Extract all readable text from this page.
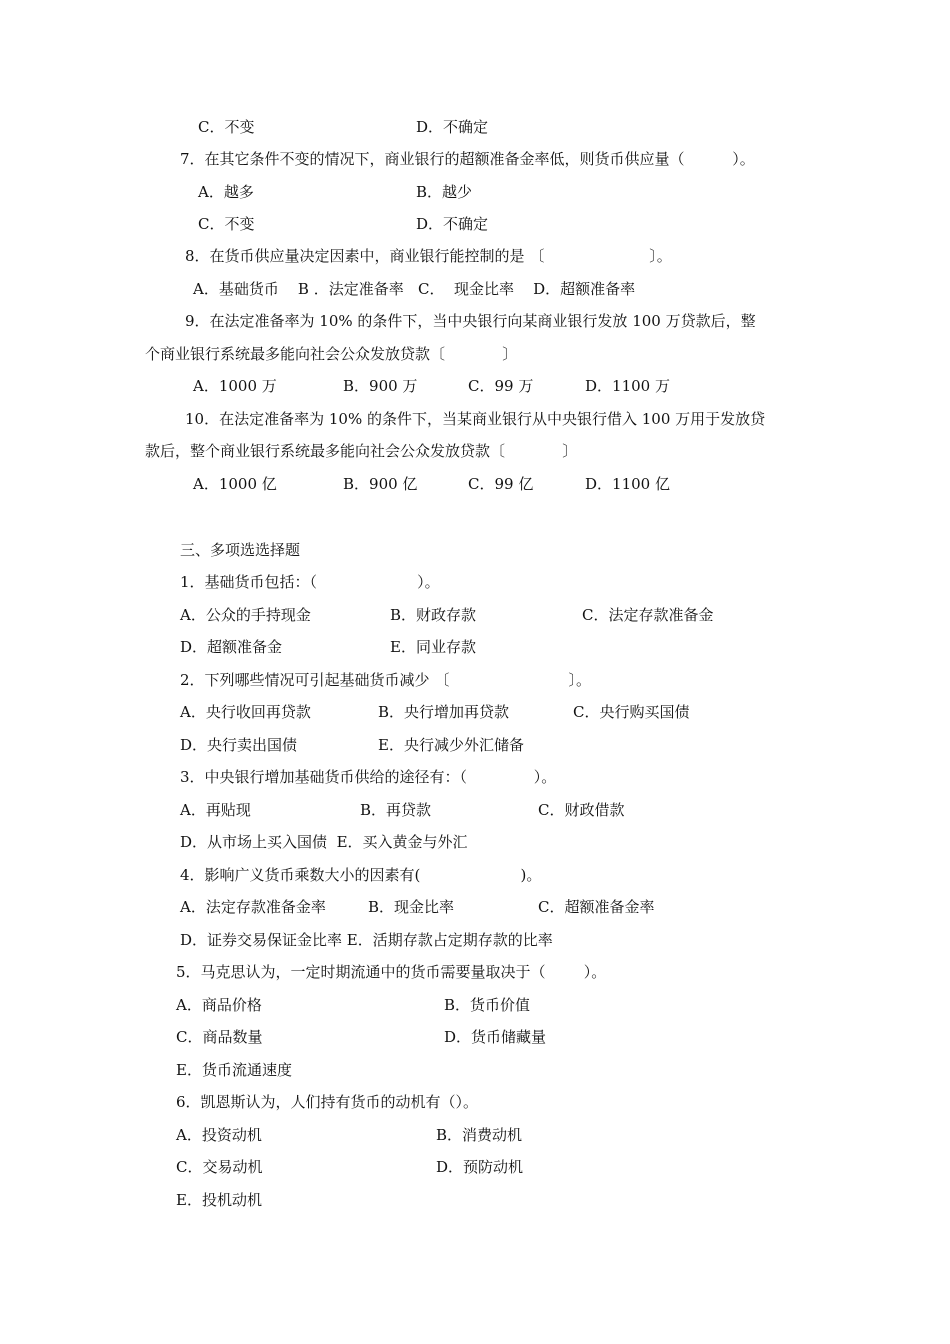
C．不变	D．不确定
7．在其它条件不变的情况下，商业银行的超额准备金率低，则货币供应量（          ）。
A．越多	B．越少
C．不变	D．不确定
8．在货币供应量决定因素中，商业银行能控制的是 〔                      〕。
A．基础货币    B ．法定准备率   C．  现金比率    D．超额准备率
9．在法定准备率为 10% 的条件下，当中央银行向某商业银行发放 100 万贷款后，整
个商业银行系统最多能向社会公众发放贷款〔            〕
A．1000 万	B．900 万	C．99 万	D．1100 万
10．在法定准备率为 10% 的条件下，当某商业银行从中央银行借入 100 万用于发放贷
款后，整个商业银行系统最多能向社会公众发放贷款〔            〕
A．1000 亿	B．900 亿	C．99 亿	D．1100 亿
三、多项选选择题
1．基础货币包括：（                     ）。
A．公众的手持现金	B．财政存款	C．法定存款准备金
D．超额准备金	E．同业存款
2．下列哪些情况可引起基础货币减少 〔                         〕。
A．央行收回再贷款	B．央行增加再贷款	C．央行购买国债
D．央行卖出国债	E．央行减少外汇储备
3．中央银行增加基础货币供给的途径有：（              ）。
A．再贴现	B．再贷款	C．财政借款
D．从市场上买入国债  E．买入黄金与外汇
4．影响广义货币乘数大小的因素有(                     )。
A．法定存款准备金率	B．现金比率	C．超额准备金率
D．证券交易保证金比率 E．活期存款占定期存款的比率
5．马克思认为，一定时期流通中的货币需要量取决于（        ）。
A．商品价格	B．货币价值
C．商品数量	D．货币储藏量
E．货币流通速度
6．凯恩斯认为，人们持有货币的动机有（）。
A．投资动机	B．消费动机
C．交易动机	D．预防动机
E．投机动机
